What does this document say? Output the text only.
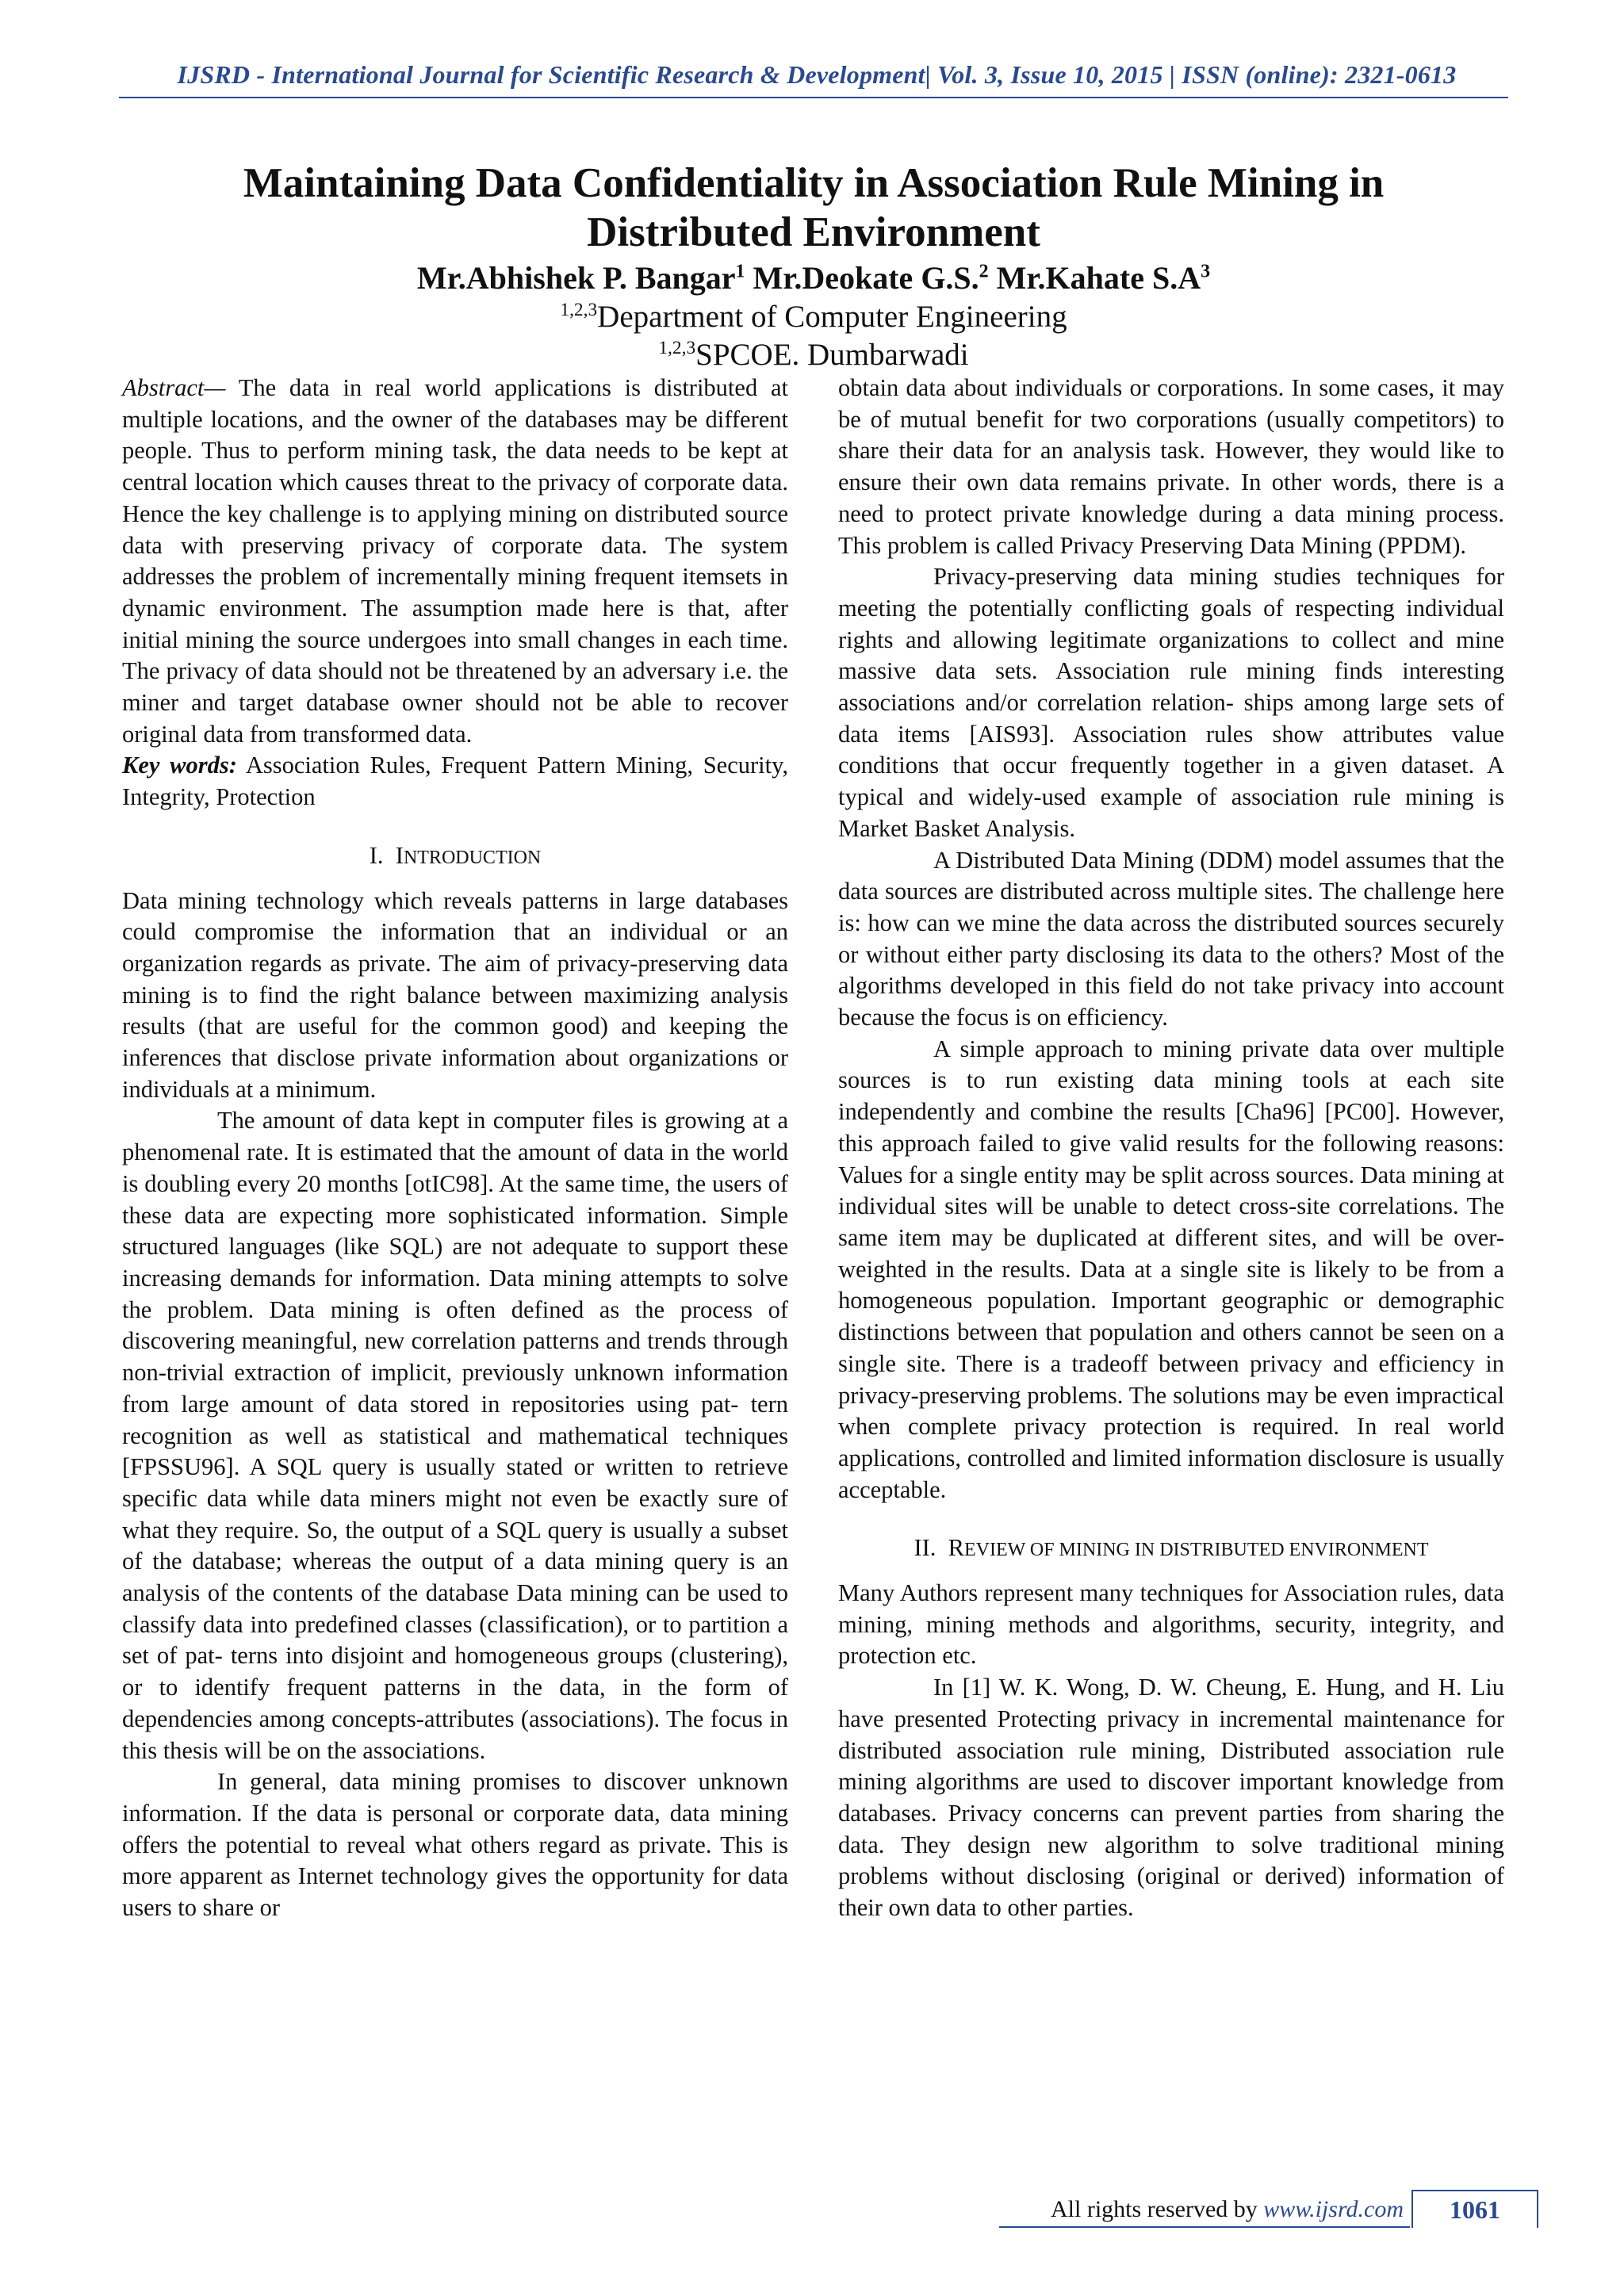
IJSRD - International Journal for Scientific Research & Development| Vol. 3, Issue 10, 2015 | ISSN (online): 2321-0613
Maintaining Data Confidentiality in Association Rule Mining in
Distributed Environment
Mr.Abhishek P. Bangar$^1$ Mr.Deokate G.S.$^2$ Mr.Kahate $S.A^3$
$^{1,2,3}$Department of Computer Engineering
$^{1,2,3}$SPCOE. Dumbarwadi

Abstract— The data in real world applications is distributed at multiple locations, and the owner of the databases may be different people. Thus to perform mining task, the data needs to be kept at central location which causes threat to the privacy of corporate data. Hence the key challenge is to applying mining on distributed source data with preserving privacy of corporate data. The system addresses the problem of incrementally mining frequent itemsets in dynamic environment. The assumption made here is that, after initial mining the source undergoes into small changes in each time. The privacy of data should not be threatened by an adversary i.e. the miner and target database owner should not be able to recover original data from transformed data.

Key words: Association Rules, Frequent Pattern Mining, Security, Integrity, Protection

I. INTRODUCTION

Data mining technology which reveals patterns in large databases could compromise the information that an individual or an organization regards as private. The aim of privacy-preserving data mining is to find the right balance between maximizing analysis results (that are useful for the common good) and keeping the inferences that disclose private information about organizations or individuals at a minimum.

The amount of data kept in computer files is growing at a phenomenal rate. It is estimated that the amount of data in the world is doubling every 20 months [otIC98]. At the same time, the users of these data are expecting more sophisticated information. Simple structured languages (like SQL) are not adequate to support these increasing demands for information. Data mining attempts to solve the problem. Data mining is often defined as the process of discovering meaningful, new correlation patterns and trends through non-trivial extraction of implicit, previously unknown information from large amount of data stored in repositories using pat- tern recognition as well as statistical and mathematical techniques [FPSSU96]. A SQL query is usually stated or written to retrieve specific data while data miners might not even be exactly sure of what they require. So, the output of a SQL query is usually a subset of the database; whereas the output of a data mining query is an analysis of the contents of the database Data mining can be used to classify data into predefined classes (classification), or to partition a set of pat- terns into disjoint and homogeneous groups (clustering), or to identify frequent patterns in the data, in the form of dependencies among concepts-attributes (associations). The focus in this thesis will be on the associations.

In general, data mining promises to discover unknown information. If the data is personal or corporate data, data mining offers the potential to reveal what others regard as private. This is more apparent as Internet technology gives the opportunity for data users to share or

obtain data about individuals or corporations. In some cases, it may be of mutual benefit for two corporations (usually competitors) to share their data for an analysis task. However, they would like to ensure their own data remains private. In other words, there is a need to protect private knowledge during a data mining process. This problem is called Privacy Preserving Data Mining (PPDM).

Privacy-preserving data mining studies techniques for meeting the potentially conflicting goals of respecting individual rights and allowing legitimate organizations to collect and mine massive data sets. Association rule mining finds interesting associations and/or correlation relation- ships among large sets of data items [AIS93]. Association rules show attributes value conditions that occur frequently together in a given dataset. A typical and widely-used example of association rule mining is Market Basket Analysis.

A Distributed Data Mining (DDM) model assumes that the data sources are distributed across multiple sites. The challenge here is: how can we mine the data across the distributed sources securely or without either party disclosing its data to the others? Most of the algorithms developed in this field do not take privacy into account because the focus is on efficiency.

A simple approach to mining private data over multiple sources is to run existing data mining tools at each site independently and combine the results [Cha96] [PC00]. However, this approach failed to give valid results for the following reasons: Values for a single entity may be split across sources. Data mining at individual sites will be unable to detect cross-site correlations. The same item may be duplicated at different sites, and will be over- weighted in the results. Data at a single site is likely to be from a homogeneous population. Important geographic or demographic distinctions between that population and others cannot be seen on a single site. There is a tradeoff between privacy and efficiency in privacy-preserving problems. The solutions may be even impractical when complete privacy protection is required. In real world applications, controlled and limited information disclosure is usually acceptable.

II. REVIEW OF MINING IN DISTRIBUTED ENVIRONMENT

Many Authors represent many techniques for Association rules, data mining, mining methods and algorithms, security, integrity, and protection etc.

In [1] W. K. Wong, D. W. Cheung, E. Hung, and H. Liu have presented Protecting privacy in incremental maintenance for distributed association rule mining, Distributed association rule mining algorithms are used to discover important knowledge from databases. Privacy concerns can prevent parties from sharing the data. They design new algorithm to solve traditional mining problems without disclosing (original or derived) information of their own data to other parties.

All rights reserved by www.ijsrd.com	1061
